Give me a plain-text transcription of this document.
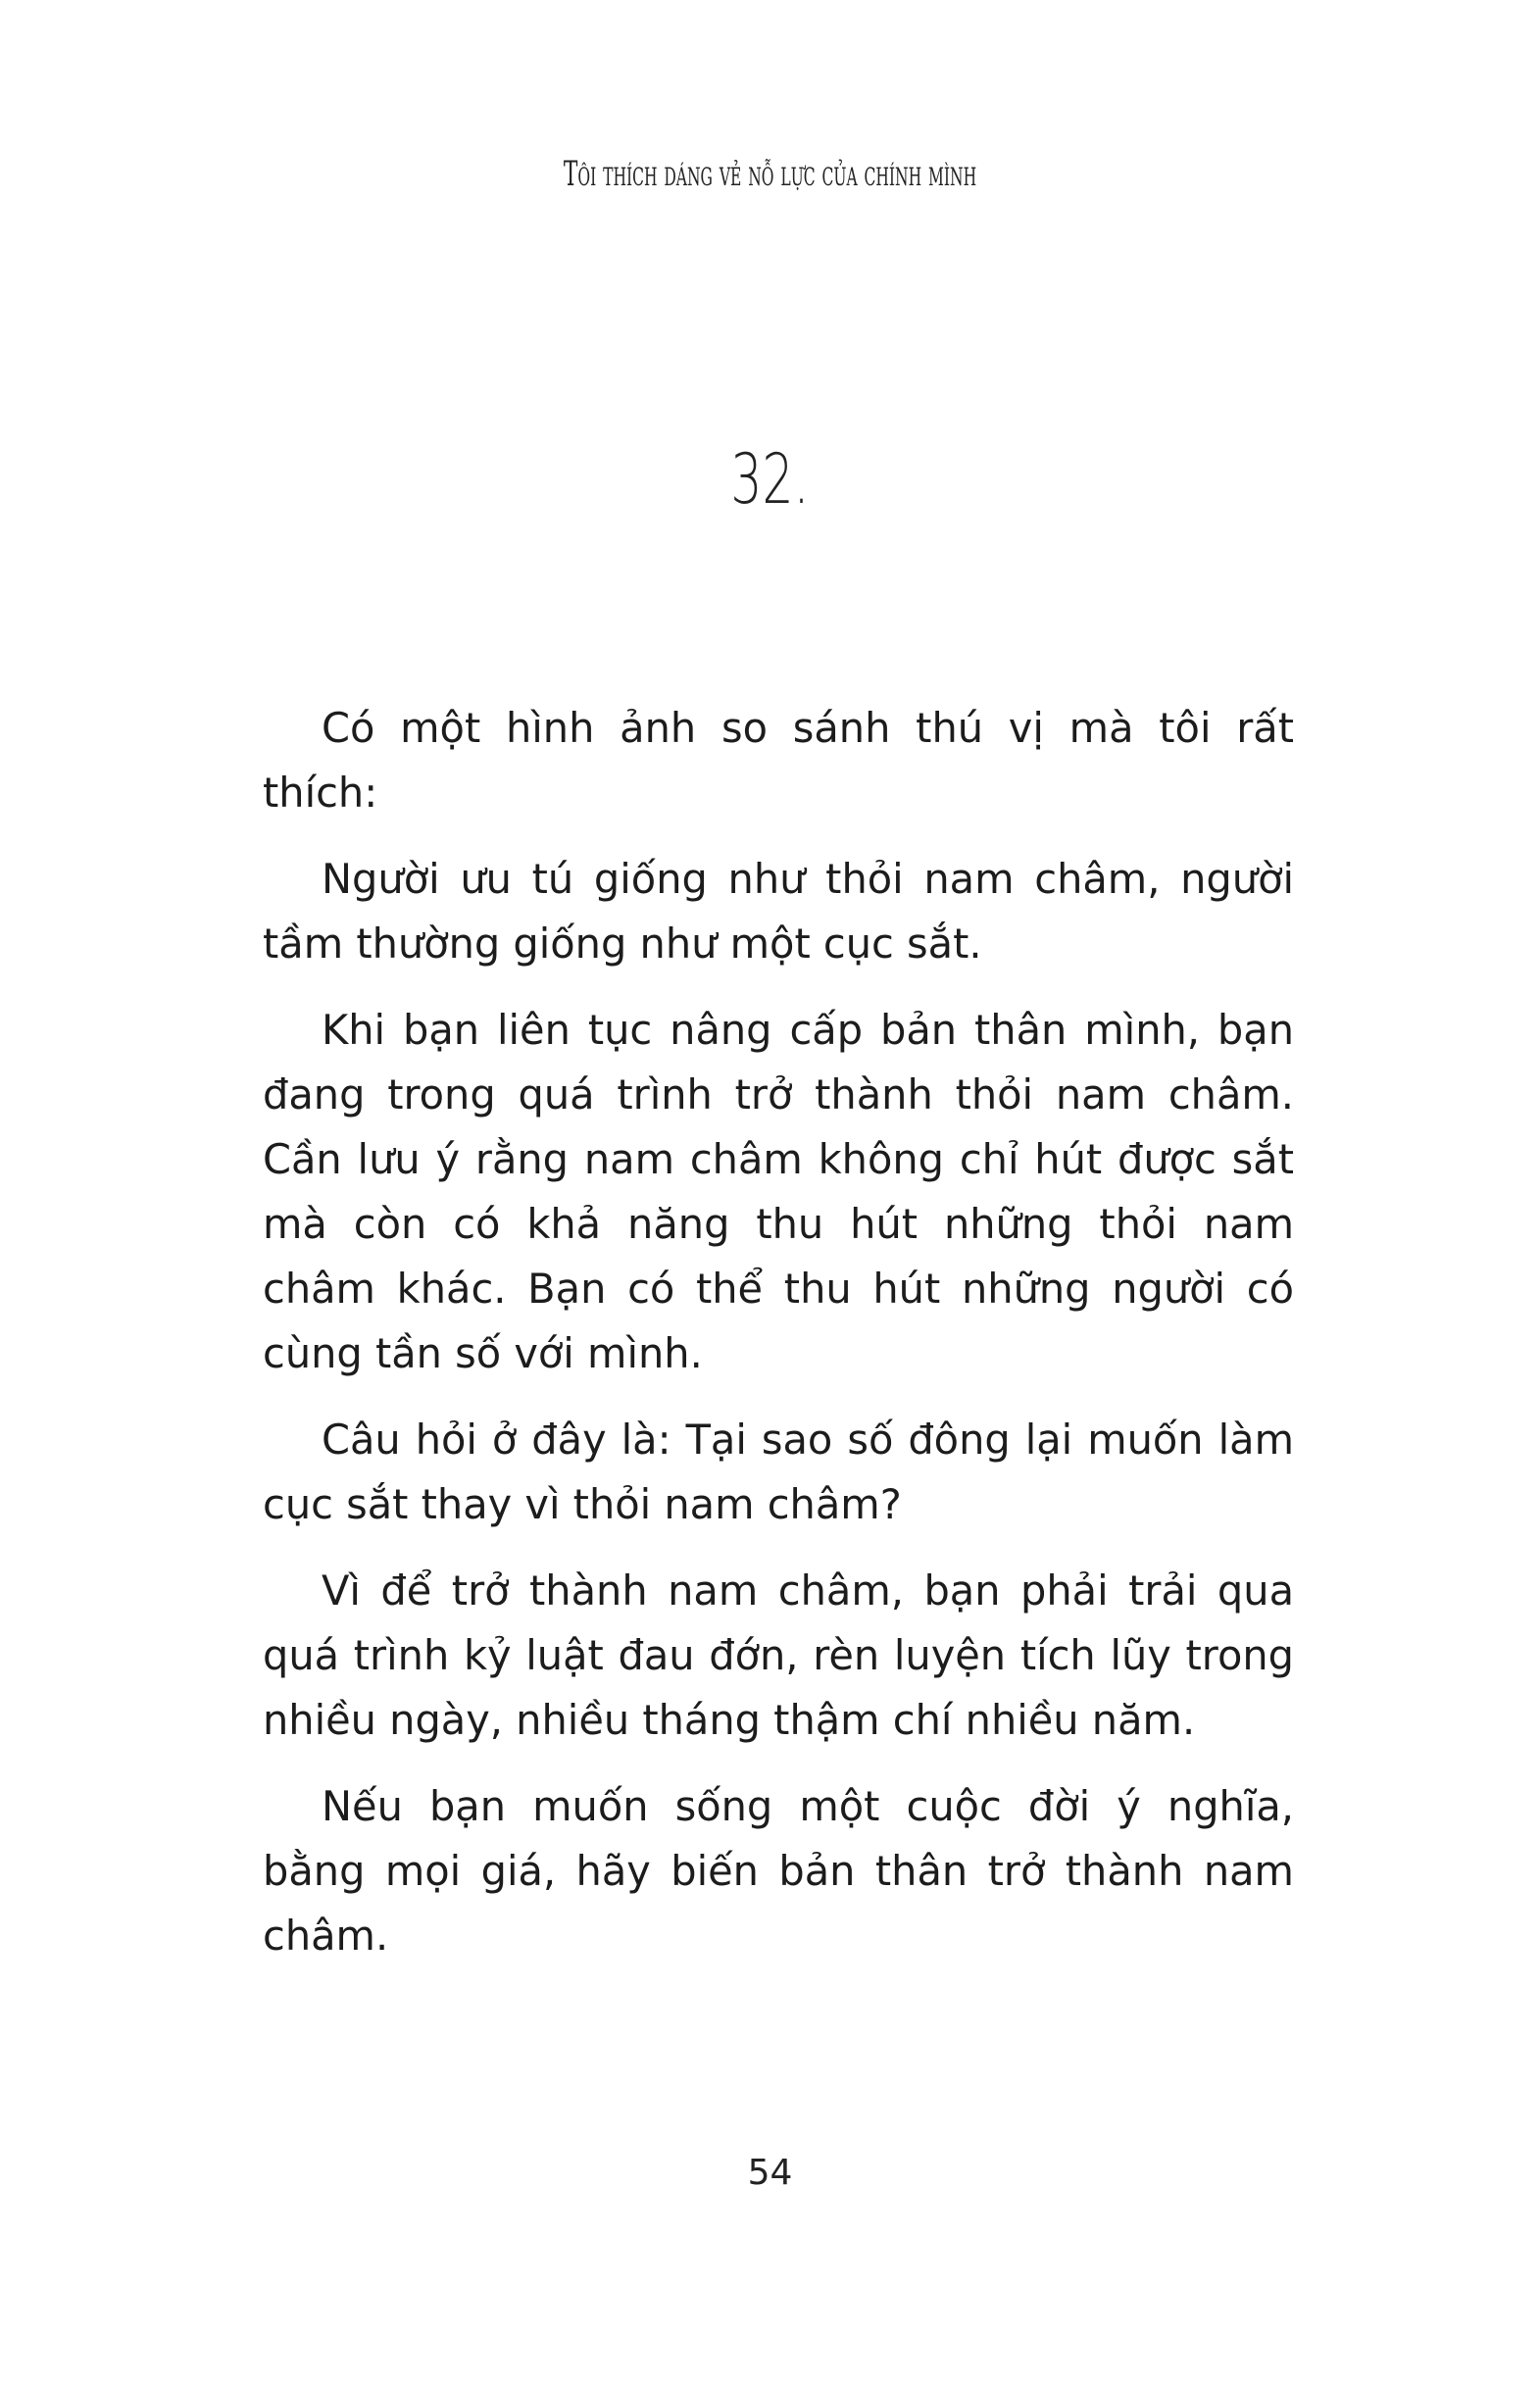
Tôi thích dáng vẻ nỗ lực của chính mình
32.

Có một hình ảnh so sánh thú vị mà tôi rất thích:

Người ưu tú giống như thỏi nam châm, người tầm thường giống như một cục sắt.

Khi bạn liên tục nâng cấp bản thân mình, bạn đang trong quá trình trở thành thỏi nam châm. Cần lưu ý rằng nam châm không chỉ hút được sắt mà còn có khả năng thu hút những thỏi nam châm khác. Bạn có thể thu hút những người có cùng tần số với mình.

Câu hỏi ở đây là: Tại sao số đông lại muốn làm cục sắt thay vì thỏi nam châm?

Vì để trở thành nam châm, bạn phải trải qua quá trình kỷ luật đau đớn, rèn luyện tích lũy trong nhiều ngày, nhiều tháng thậm chí nhiều năm.

Nếu bạn muốn sống một cuộc đời ý nghĩa, bằng mọi giá, hãy biến bản thân trở thành nam châm.

54
